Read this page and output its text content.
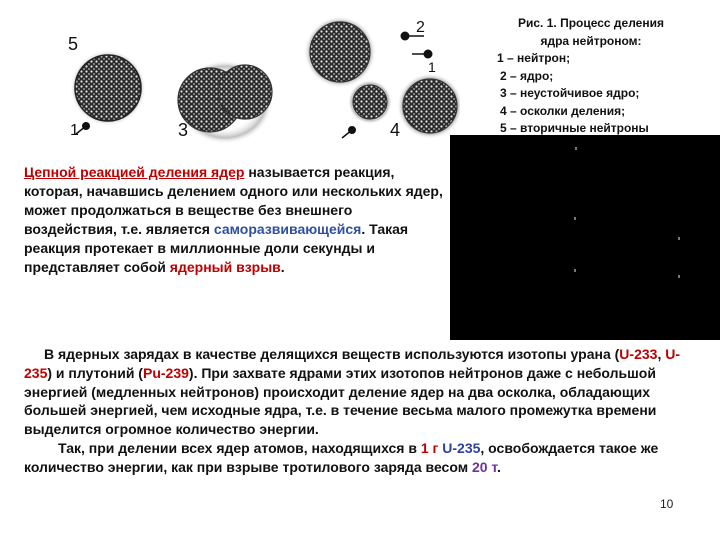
5
1	3
2
1
4
Рис. 1. Процесс деления
ядра нейтроном:
1 – нейтрон;
2 – ядро;
3 – неустойчивое ядро;
4 – осколки деления;
5 – вторичные нейтроны
Цепной реакцией деления ядер называется реакция, которая, начавшись делением одного или нескольких ядер, может продолжаться в веществе без внешнего воздействия, т.е. являeтся саморазвивающейся. Такая реакция протекает в миллионные доли секунды и представляет собой ядерный взрыв.
В ядерных зарядах в качестве делящихся веществ используются изотопы урана (U-233, U-235) и плутоний (Pu-239). При захвате ядрами этих изотопов нейтронов даже с небольшой энергией (медленных нейтронов) происходит деление ядер на два осколка, обладающих большей энергией, чем исходные ядра, т.е. в течение весьма малого промежутка времени выделится огромное количество энергии.
Так, при делении всех ядер атомов, находящихся в 1 г U-235, освобождается такое же количество энергии, как при взрыве тротилового заряда весом 20 т.
10
